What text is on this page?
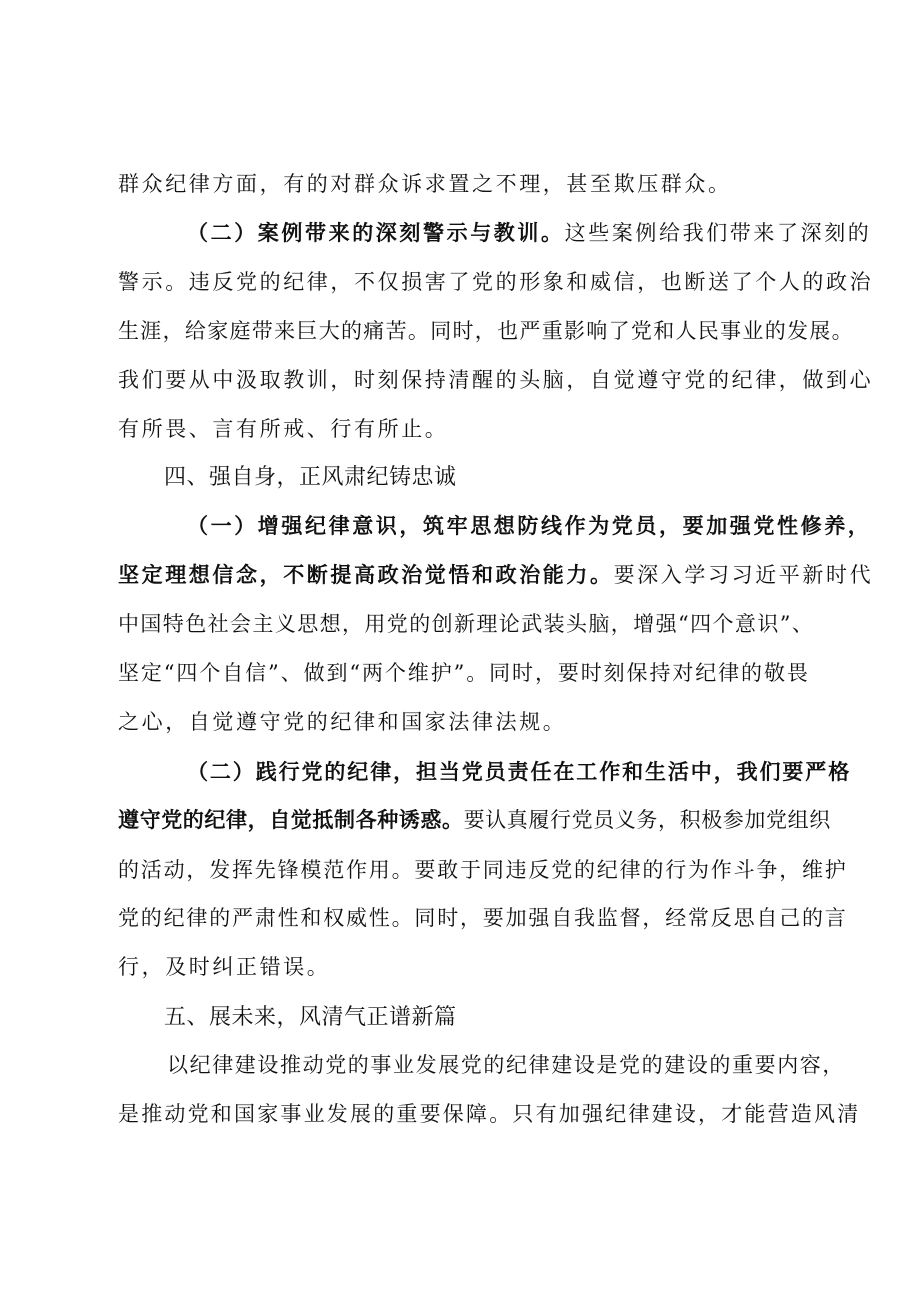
群众纪律方面，有的对群众诉求置之不理，甚至欺压群众。
（二）案例带来的深刻警示与教训。这些案例给我们带来了深刻的
警示。违反党的纪律，不仅损害了党的形象和威信，也断送了个人的政治
生涯，给家庭带来巨大的痛苦。同时，也严重影响了党和人民事业的发展。
我们要从中汲取教训，时刻保持清醒的头脑，自觉遵守党的纪律，做到心
有所畏、言有所戒、行有所止。
四、强自身，正风肃纪铸忠诚
（一）增强纪律意识，筑牢思想防线作为党员，要加强党性修养，
坚定理想信念，不断提高政治觉悟和政治能力。要深入学习习近平新时代
中国特色社会主义思想，用党的创新理论武装头脑，增强“四个意识”、
坚定“四个自信”、做到“两个维护”。同时，要时刻保持对纪律的敬畏
之心，自觉遵守党的纪律和国家法律法规。
（二）践行党的纪律，担当党员责任在工作和生活中，我们要严格
遵守党的纪律，自觉抵制各种诱惑。要认真履行党员义务，积极参加党组织
的活动，发挥先锋模范作用。要敢于同违反党的纪律的行为作斗争，维护
党的纪律的严肃性和权威性。同时，要加强自我监督，经常反思自己的言
行，及时纠正错误。
五、展未来，风清气正谱新篇
以纪律建设推动党的事业发展党的纪律建设是党的建设的重要内容，
是推动党和国家事业发展的重要保障。只有加强纪律建设，才能营造风清
